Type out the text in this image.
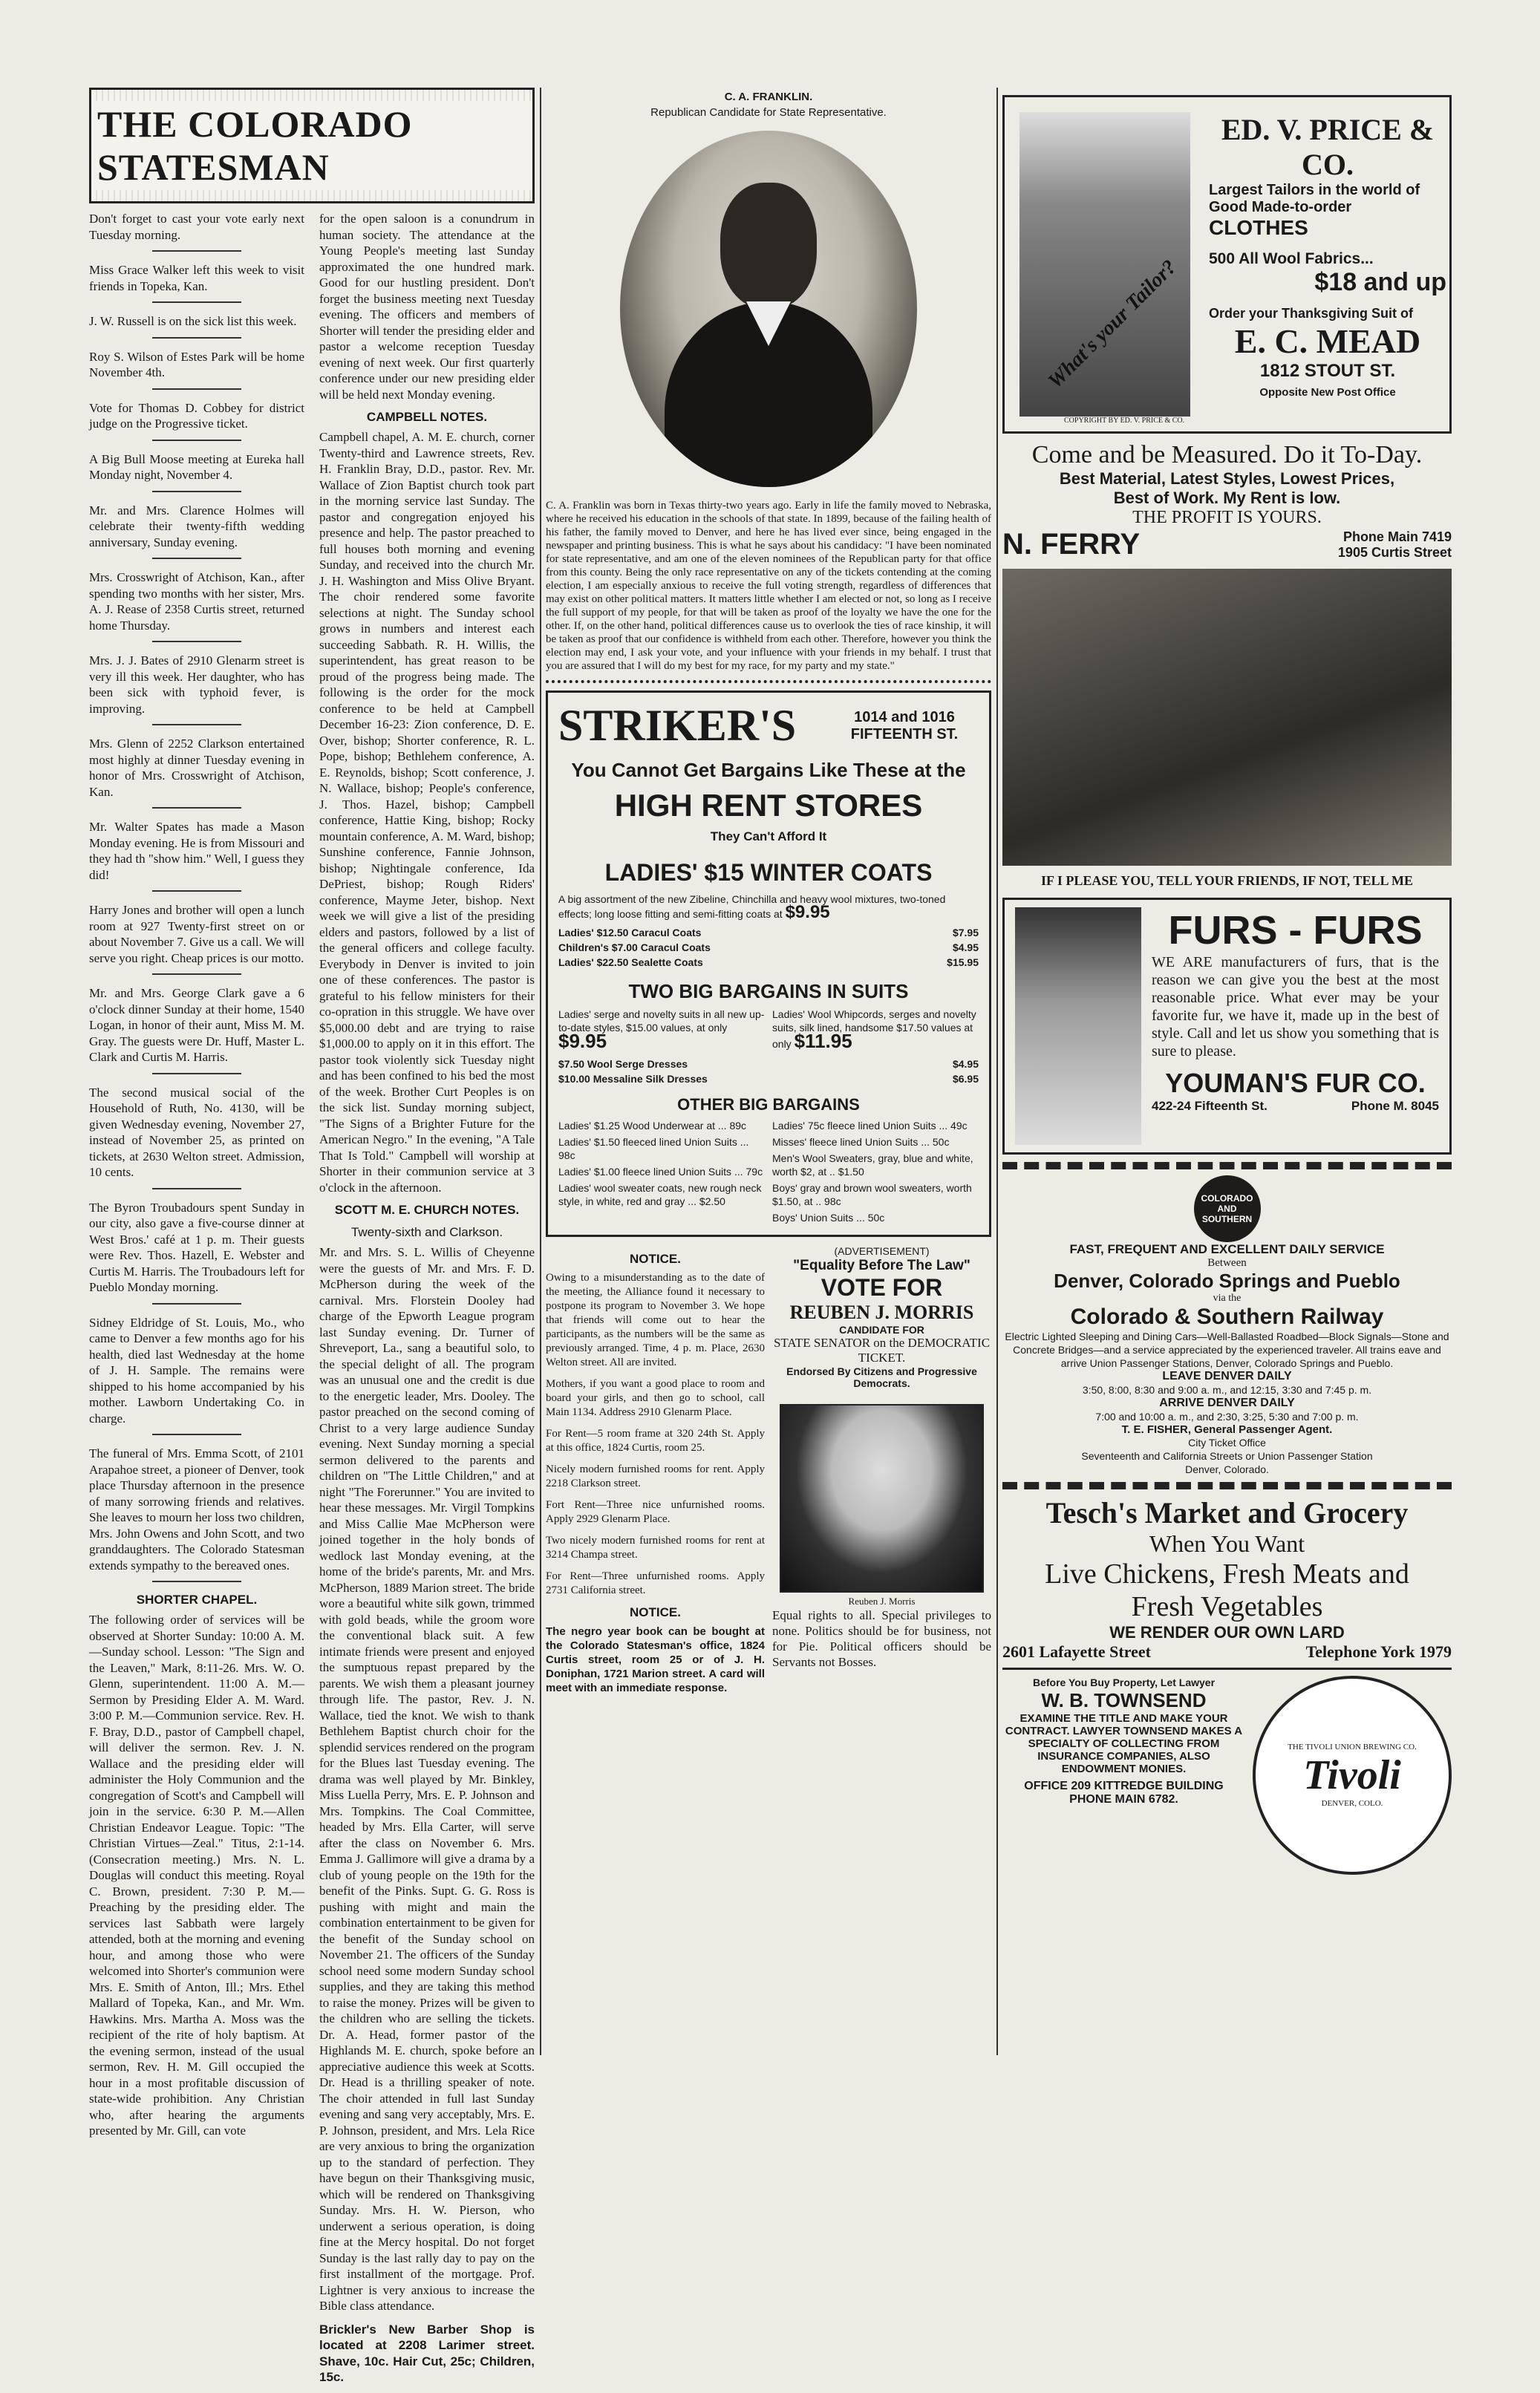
THE COLORADO STATESMAN

Don't forget to cast your vote early next Tuesday morning.

Miss Grace Walker left this week to visit friends in Topeka, Kan.

J. W. Russell is on the sick list this week.

Roy S. Wilson of Estes Park will be home November 4th.

Vote for Thomas D. Cobbey for district judge on the Progressive ticket.

A Big Bull Moose meeting at Eureka hall Monday night, November 4.

Mr. and Mrs. Clarence Holmes will celebrate their twenty-fifth wedding anniversary, Sunday evening.

Mrs. Crosswright of Atchison, Kan., after spending two months with her sister, Mrs. A. J. Rease of 2358 Curtis street, returned home Thursday.

Mrs. J. J. Bates of 2910 Glenarm street is very ill this week. Her daughter, who has been sick with typhoid fever, is improving.

Mrs. Glenn of 2252 Clarkson entertained most highly at dinner Tuesday evening in honor of Mrs. Crosswright of Atchison, Kan.

Mr. Walter Spates has made a Mason Monday evening. He is from Missouri and they had th "show him." Well, I guess they did!

Harry Jones and brother will open a lunch room at 927 Twenty-first street on or about November 7. Give us a call. We will serve you right. Cheap prices is our motto.

Mr. and Mrs. George Clark gave a 6 o'clock dinner Sunday at their home, 1540 Logan, in honor of their aunt, Miss M. M. Gray. The guests were Dr. Huff, Master L. Clark and Curtis M. Harris.

The second musical social of the Household of Ruth, No. 4130, will be given Wednesday evening, November 27, instead of November 25, as printed on tickets, at 2630 Welton street. Admission, 10 cents.

The Byron Troubadours spent Sunday in our city, also gave a five-course dinner at West Bros.' café at 1 p. m. Their guests were Rev. Thos. Hazell, E. Webster and Curtis M. Harris. The Troubadours left for Pueblo Monday morning.

Sidney Eldridge of St. Louis, Mo., who came to Denver a few months ago for his health, died last Wednesday at the home of J. H. Sample. The remains were shipped to his home accompanied by his mother. Lawborn Undertaking Co. in charge.

The funeral of Mrs. Emma Scott, of 2101 Arapahoe street, a pioneer of Denver, took place Thursday afternoon in the presence of many sorrowing friends and relatives. She leaves to mourn her loss two children, Mrs. John Owens and John Scott, and two granddaughters. The Colorado Statesman extends sympathy to the bereaved ones.

SHORTER CHAPEL.

The following order of services will be observed at Shorter Sunday: 10:00 A. M.—Sunday school. Lesson: "The Sign and the Leaven," Mark, 8:11-26. Mrs. W. O. Glenn, superintendent. 11:00 A. M.—Sermon by Presiding Elder A. M. Ward. 3:00 P. M.—Communion service. Rev. H. F. Bray, D.D., pastor of Campbell chapel, will deliver the sermon. Rev. J. N. Wallace and the presiding elder will administer the Holy Communion and the congregation of Scott's and Campbell will join in the service. 6:30 P. M.—Allen Christian Endeavor League. Topic: "The Christian Virtues—Zeal." Titus, 2:1-14. (Consecration meeting.) Mrs. N. L. Douglas will conduct this meeting. Royal C. Brown, president. 7:30 P. M.—Preaching by the presiding elder. The services last Sabbath were largely attended, both at the morning and evening hour, and among those who were welcomed into Shorter's communion were Mrs. E. Smith of Anton, Ill.; Mrs. Ethel Mallard of Topeka, Kan., and Mr. Wm. Hawkins. Mrs. Martha A. Moss was the recipient of the rite of holy baptism. At the evening sermon, instead of the usual sermon, Rev. H. M. Gill occupied the hour in a most profitable discussion of state-wide prohibition. Any Christian who, after hearing the arguments presented by Mr. Gill, can vote

for the open saloon is a conundrum in human society. The attendance at the Young People's meeting last Sunday approximated the one hundred mark. Good for our hustling president. Don't forget the business meeting next Tuesday evening. The officers and members of Shorter will tender the presiding elder and pastor a welcome reception Tuesday evening of next week. Our first quarterly conference under our new presiding elder will be held next Monday evening.

CAMPBELL NOTES.

Campbell chapel, A. M. E. church, corner Twenty-third and Lawrence streets, Rev. H. Franklin Bray, D.D., pastor. Rev. Mr. Wallace of Zion Baptist church took part in the morning service last Sunday. The pastor and congregation enjoyed his presence and help. The pastor preached to full houses both morning and evening Sunday, and received into the church Mr. J. H. Washington and Miss Olive Bryant. The choir rendered some favorite selections at night. The Sunday school grows in numbers and interest each succeeding Sabbath. R. H. Willis, the superintendent, has great reason to be proud of the progress being made. The following is the order for the mock conference to be held at Campbell December 16-23: Zion conference, D. E. Over, bishop; Shorter conference, R. L. Pope, bishop; Bethlehem conference, A. E. Reynolds, bishop; Scott conference, J. N. Wallace, bishop; People's conference, J. Thos. Hazel, bishop; Campbell conference, Hattie King, bishop; Rocky mountain conference, A. M. Ward, bishop; Sunshine conference, Fannie Johnson, bishop; Nightingale conference, Ida DePriest, bishop; Rough Riders' conference, Mayme Jeter, bishop. Next week we will give a list of the presiding elders and pastors, followed by a list of the general officers and college faculty. Everybody in Denver is invited to join one of these conferences. The pastor is grateful to his fellow ministers for their co-opration in this struggle. We have over $5,000.00 debt and are trying to raise $1,000.00 to apply on it in this effort. The pastor took violently sick Tuesday night and has been confined to his bed the most of the week. Brother Curt Peoples is on the sick list. Sunday morning subject, "The Signs of a Brighter Future for the American Negro." In the evening, "A Tale That Is Told." Campbell will worship at Shorter in their communion service at 3 o'clock in the afternoon.

SCOTT M. E. CHURCH NOTES.
Twenty-sixth and Clarkson.

Mr. and Mrs. S. L. Willis of Cheyenne were the guests of Mr. and Mrs. F. D. McPherson during the week of the carnival. Mrs. Florstein Dooley had charge of the Epworth League program last Sunday evening. Dr. Turner of Shreveport, La., sang a beautiful solo, to the special delight of all. The program was an unusual one and the credit is due to the energetic leader, Mrs. Dooley. The pastor preached on the second coming of Christ to a very large audience Sunday evening. Next Sunday morning a special sermon delivered to the parents and children on "The Little Children," and at night "The Forerunner." You are invited to hear these messages. Mr. Virgil Tompkins and Miss Callie Mae McPherson were joined together in the holy bonds of wedlock last Monday evening, at the home of the bride's parents, Mr. and Mrs. McPherson, 1889 Marion street. The bride wore a beautiful white silk gown, trimmed with gold beads, while the groom wore the conventional black suit. A few intimate friends were present and enjoyed the sumptuous repast prepared by the parents. We wish them a pleasant journey through life. The pastor, Rev. J. N. Wallace, tied the knot. We wish to thank Bethlehem Baptist church choir for the splendid services rendered on the program for the Blues last Tuesday evening. The drama was well played by Mr. Binkley, Miss Luella Perry, Mrs. E. P. Johnson and Mrs. Tompkins. The Coal Committee, headed by Mrs. Ella Carter, will serve after the class on November 6. Mrs. Emma J. Gallimore will give a drama by a club of young people on the 19th for the benefit of the Pinks. Supt. G. G. Ross is pushing with might and main the combination entertainment to be given for the benefit of the Sunday school on November 21. The officers of the Sunday school need some modern Sunday school supplies, and they are taking this method to raise the money. Prizes will be given to the children who are selling the tickets. Dr. A. Head, former pastor of the Highlands M. E. church, spoke before an appreciative audience this week at Scotts. Dr. Head is a thrilling speaker of note. The choir attended in full last Sunday evening and sang very acceptably, Mrs. E. P. Johnson, president, and Mrs. Lela Rice are very anxious to bring the organization up to the standard of perfection. They have begun on their Thanksgiving music, which will be rendered on Thanksgiving Sunday. Mrs. H. W. Pierson, who underwent a serious operation, is doing fine at the Mercy hospital. Do not forget Sunday is the last rally day to pay on the first installment of the mortgage. Prof. Lightner is very anxious to increase the Bible class attendance.

Brickler's New Barber Shop is located at 2208 Larimer street. Shave, 10c. Hair Cut, 25c; Children, 15c.

C. A. FRANKLIN.
Republican Candidate for State Representative.

C. A. Franklin was born in Texas thirty-two years ago. Early in life the family moved to Nebraska, where he received his education in the schools of that state. In 1899, because of the failing health of his father, the family moved to Denver, and here he has lived ever since, being engaged in the newspaper and printing business. This is what he says about his candidacy: "I have been nominated for state representative, and am one of the eleven nominees of the Republican party for that office from this county. Being the only race representative on any of the tickets contending at the coming election, I am especially anxious to receive the full voting strength, regardless of differences that may exist on other political matters. It matters little whether I am elected or not, so long as I receive the full support of my people, for that will be taken as proof of the loyalty we have the one for the other. If, on the other hand, political differences cause us to overlook the ties of race kinship, it will be taken as proof that our confidence is withheld from each other. Therefore, however you think the election may end, I ask your vote, and your influence with your friends in my behalf. I trust that you are assured that I will do my best for my race, for my party and my state."

STRIKER'S	1014 and 1016 FIFTEENTH ST.
You Cannot Get Bargains Like These at the
HIGH RENT STORES
They Can't Afford It
LADIES' $15 WINTER COATS
A big assortment of the new Zibeline, Chinchilla and heavy wool mixtures, two-toned effects; long loose fitting and semi-fitting coats at $9.95
Ladies' $12.50 Caracul Coats	$7.95
Children's $7.00 Caracul Coats	$4.95
Ladies' $22.50 Sealette Coats	$15.95
TWO BIG BARGAINS IN SUITS
Ladies' serge and novelty suits in all new up-to-date styles, $15.00 values, at only $9.95
Ladies' Wool Whipcords, serges and novelty suits, silk lined, handsome $17.50 values at only $11.95
$7.50 Wool Serge Dresses	$4.95
$10.00 Messaline Silk Dresses	$6.95
OTHER BIG BARGAINS
Ladies' $1.25 Wood Underwear at ... 89c
Ladies' $1.50 fleeced lined Union Suits ... 98c
Ladies' $1.00 fleece lined Union Suits ... 79c
Ladies' wool sweater coats, new rough neck style, in white, red and gray ... $2.50
Ladies' 75c fleece lined Union Suits ... 49c
Misses' fleece lined Union Suits ... 50c
Men's Wool Sweaters, gray, blue and white, worth $2, at .. $1.50
Boys' gray and brown wool sweaters, worth $1.50, at .. 98c
Boys' Union Suits ... 50c
NOTICE.

Owing to a misunderstanding as to the date of the meeting, the Alliance found it necessary to postpone its program to November 3. We hope that friends will come out to hear the participants, as the numbers will be the same as previously arranged. Time, 4 p. m. Place, 2630 Welton street. All are invited.

Mothers, if you want a good place to room and board your girls, and then go to school, call Main 1134. Address 2910 Glenarm Place.

For Rent—5 room frame at 320 24th St. Apply at this office, 1824 Curtis, room 25.

Nicely modern furnished rooms for rent. Apply 2218 Clarkson street.

Fort Rent—Three nice unfurnished rooms. Apply 2929 Glenarm Place.

Two nicely modern furnished rooms for rent at 3214 Champa street.

For Rent—Three unfurnished rooms. Apply 2731 California street.

NOTICE.

The negro year book can be bought at the Colorado Statesman's office, 1824 Curtis street, room 25 or of J. H. Doniphan, 1721 Marion street. A card will meet with an immediate response.

(ADVERTISEMENT)
"Equality Before The Law"
VOTE FOR
REUBEN J. MORRIS
CANDIDATE FOR
STATE SENATOR on the DEMOCRATIC TICKET.
Endorsed By Citizens and Progressive Democrats.
Reuben J. Morris

Equal rights to all. Special privileges to none. Politics should be for business, not for Pie. Political officers should be Servants not Bosses.

What's your Tailor?
COPYRIGHT BY ED. V. PRICE & CO.
ED. V. PRICE & CO.
Largest Tailors in the world of Good Made-to-order
CLOTHES
500 All Wool Fabrics...
$18 and up
Order your Thanksgiving Suit of
E. C. MEAD
1812 STOUT ST.
Opposite New Post Office
Come and be Measured. Do it To-Day.
Best Material, Latest Styles, Lowest Prices,
Best of Work. My Rent is low.
THE PROFIT IS YOURS.
N. FERRY	Phone Main 7419
1905 Curtis Street
IF I PLEASE YOU, TELL YOUR FRIENDS, IF NOT, TELL ME
FURS - FURS

WE ARE manufacturers of furs, that is the reason we can give you the best at the most reasonable price. What ever may be your favorite fur, we have it, made up in the best of style. Call and let us show you something that is sure to please.

YOUMAN'S FUR CO.
422-24 Fifteenth St.	Phone M. 8045
COLORADO AND SOUTHERN
FAST, FREQUENT AND EXCELLENT DAILY SERVICE
Between
Denver, Colorado Springs and Pueblo
via the
Colorado & Southern Railway
Electric Lighted Sleeping and Dining Cars—Well-Ballasted Roadbed—Block Signals—Stone and Concrete Bridges—and a service appreciated by the experienced traveler. All trains eave and arrive Union Passenger Stations, Denver, Colorado Springs and Pueblo.
LEAVE DENVER DAILY
3:50, 8:00, 8:30 and 9:00 a. m., and 12:15, 3:30 and 7:45 p. m.
ARRIVE DENVER DAILY
7:00 and 10:00 a. m., and 2:30, 3:25, 5:30 and 7:00 p. m.
T. E. FISHER, General Passenger Agent.
City Ticket Office
Seventeenth and California Streets or Union Passenger Station
Denver, Colorado.
Tesch's Market and Grocery
When You Want
Live Chickens, Fresh Meats and
Fresh Vegetables
WE RENDER OUR OWN LARD
2601 Lafayette Street	Telephone York 1979
Before You Buy Property, Let Lawyer
W. B. TOWNSEND
EXAMINE THE TITLE AND MAKE YOUR CONTRACT. LAWYER TOWNSEND MAKES A SPECIALTY OF COLLECTING FROM INSURANCE COMPANIES, ALSO ENDOWMENT MONIES.
OFFICE 209 KITTREDGE BUILDING
PHONE MAIN 6782.
THE TIVOLI UNION BREWING CO.
Tivoli
DENVER, COLO.
